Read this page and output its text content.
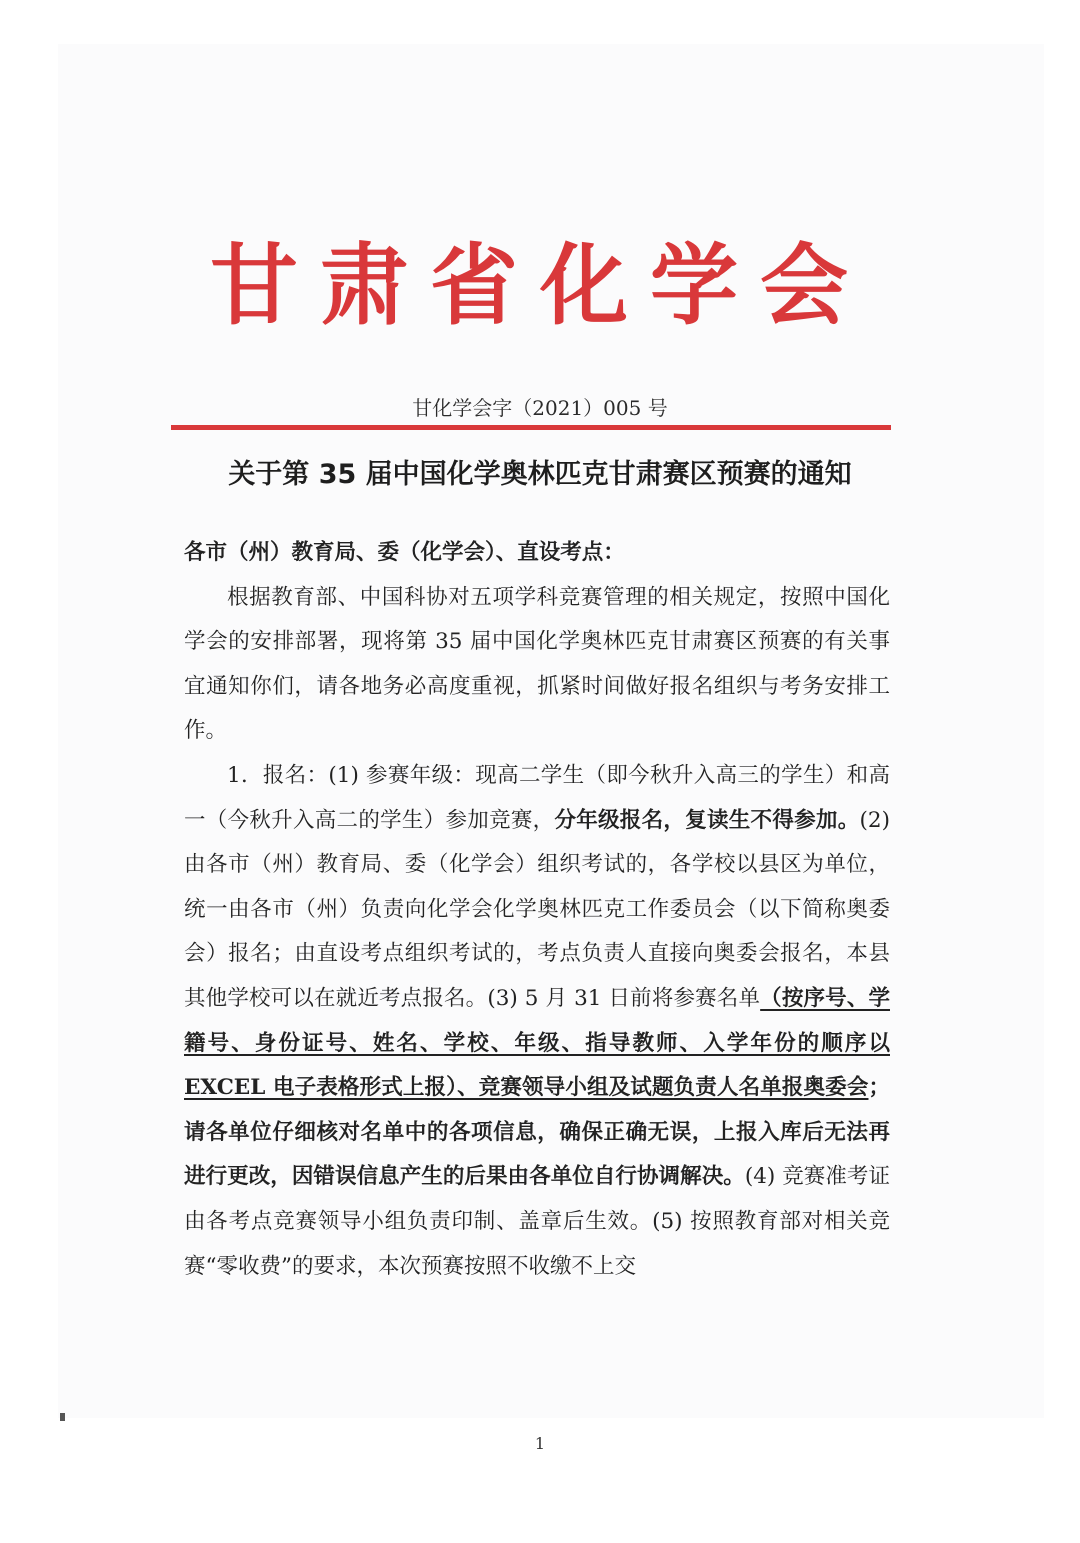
甘肃省化学会
甘化学会字（2021）005 号
关于第 35 届中国化学奥林匹克甘肃赛区预赛的通知

各市（州）教育局、委（化学会）、直设考点：

根据教育部、中国科协对五项学科竞赛管理的相关规定，按照中国化学会的安排部署，现将第 35 届中国化学奥林匹克甘肃赛区预赛的有关事宜通知你们，请各地务必高度重视，抓紧时间做好报名组织与考务安排工作。

1．报名：(1) 参赛年级：现高二学生（即今秋升入高三的学生）和高一（今秋升入高二的学生）参加竞赛，分年级报名，复读生不得参加。(2) 由各市（州）教育局、委（化学会）组织考试的，各学校以县区为单位，统一由各市（州）负责向化学会化学奥林匹克工作委员会（以下简称奥委会）报名；由直设考点组织考试的，考点负责人直接向奥委会报名，本县其他学校可以在就近考点报名。(3) 5 月 31 日前将参赛名单（按序号、学籍号、身份证号、姓名、学校、年级、指导教师、入学年份的顺序以 EXCEL 电子表格形式上报）、竞赛领导小组及试题负责人名单报奥委会；请各单位仔细核对名单中的各项信息，确保正确无误，上报入库后无法再进行更改，因错误信息产生的后果由各单位自行协调解决。(4) 竞赛准考证由各考点竞赛领导小组负责印制、盖章后生效。(5) 按照教育部对相关竞赛“零收费”的要求，本次预赛按照不收缴不上交

1
